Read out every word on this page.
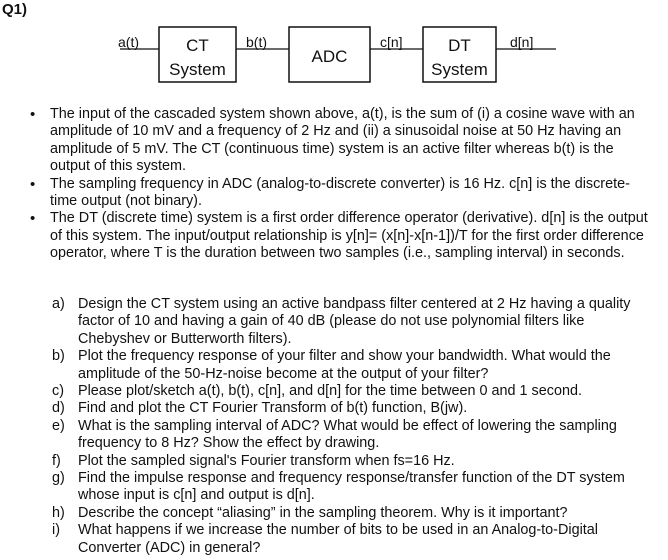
Q1)
a(t)	b(t)	c[n]	d[n]
CT
System
ADC
DT
System
• The input of the cascaded system shown above, a(t), is the sum of (i) a cosine wave with an amplitude of 10 mV and a frequency of 2 Hz and (ii) a sinusoidal noise at 50 Hz having an amplitude of 5 mV. The CT (continuous time) system is an active filter whereas b(t) is the output of this system.
• The sampling frequency in ADC (analog-to-discrete converter) is 16 Hz. c[n] is the discrete-time output (not binary).
• The DT (discrete time) system is a first order difference operator (derivative). d[n] is the output of this system. The input/output relationship is y[n]= (x[n]-x[n-1])/T for the first order difference operator, where T is the duration between two samples (i.e., sampling interval) in seconds.
a) Design the CT system using an active bandpass filter centered at 2 Hz having a quality factor of 10 and having a gain of 40 dB (please do not use polynomial filters like Chebyshev or Butterworth filters).
b) Plot the frequency response of your filter and show your bandwidth. What would the amplitude of the 50-Hz-noise become at the output of your filter?
c) Please plot/sketch a(t), b(t), c[n], and d[n] for the time between 0 and 1 second.
d) Find and plot the CT Fourier Transform of b(t) function, B(jw).
e) What is the sampling interval of ADC? What would be effect of lowering the sampling frequency to 8 Hz? Show the effect by drawing.
f) Plot the sampled signal's Fourier transform when fs=16 Hz.
g) Find the impulse response and frequency response/transfer function of the DT system whose input is c[n] and output is d[n].
h) Describe the concept “aliasing” in the sampling theorem. Why is it important?
i) What happens if we increase the number of bits to be used in an Analog-to-Digital Converter (ADC) in general?
